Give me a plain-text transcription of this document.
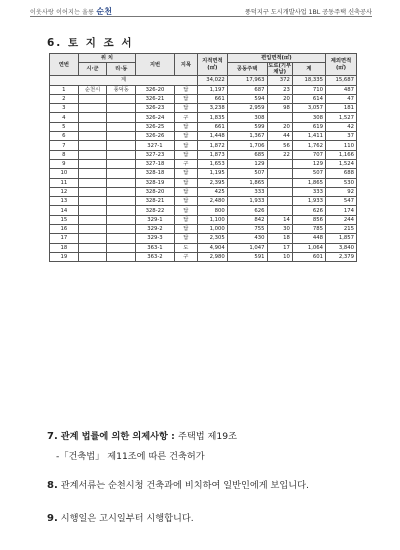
이웃사랑 이어지는 울릉 순천	풍덕지구 도시개발사업 1BL 공동주택 신축공사
6. 토 지 조 서
연번	위 치		지번	지목	지적면적(㎡)	편입면적(㎡)			제외면적(㎡)
	시·군	리·동				공동주택	도로(기부채납)	계	

계					34,022	17,963	372	18,335	15,687
1	순천시	풍덕동	326-20	답	1,197	687	23	710	487
2			326-21	답	661	594	20	614	47
3			326-23	답	3,238	2,959	98	3,057	181
4			326-24	구	1,835	308		308	1,527
5			326-25	답	661	599	20	619	42
6			326-26	답	1,448	1,367	44	1,411	37
7			327-1	답	1,872	1,706	56	1,762	110
8			327-23	답	1,873	685	22	707	1,166
9			327-18	구	1,653	129		129	1,524
10			328-18	답	1,195	507		507	688
11			328-19	답	2,395	1,865		1,865	530
12			328-20	답	425	333		333	92
13			328-21	답	2,480	1,933		1,933	547
14			328-22	답	800	626		626	174
15			329-1	답	1,100	842	14	856	244
16			329-2	답	1,000	755	30	785	215
17			329-3	답	2,305	430	18	448	1,857
18			363-1	도	4,904	1,047	17	1,064	3,840
19			363-2	구	2,980	591	10	601	2,379
7. 관계 법률에 의한 의제사항 : 주택법 제19조
-「건축법」 제11조에 따른 건축허가
8. 관계서류는 순천시청 건축과에 비치하여 일반인에게 보입니다.
9. 시행일은 고시일부터 시행합니다.
